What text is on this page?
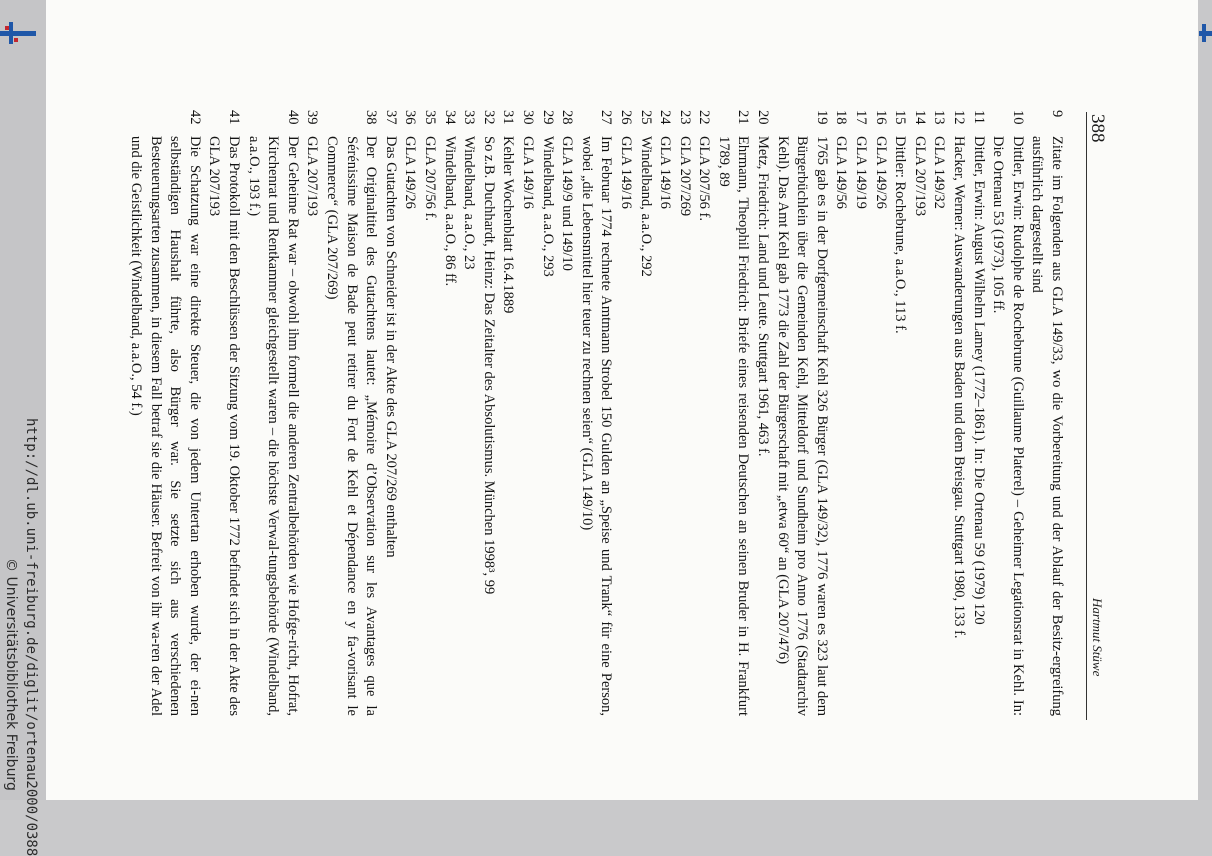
388
Hartmut Stüwe
9
Zitate im Folgenden aus GLA 149/33, wo die Vorbereitung und der Ablauf der Besitz-ergreifung ausführlich dargestellt sind
10
Dittler, Erwin: Rudolphe de Rochebrune (Guillaume Platerel) – Geheimer Legationsrat in Kehl. In: Die Ortenau 53 (1973), 105 ff.
11
Dittler, Erwin: August Wilhelm Lamey (1772–1861). In: Die Ortenau 59 (1979) 120
12
Hacker, Werner: Auswanderungen aus Baden und dem Breisgau. Stuttgart 1980, 133 f.
13
GLA 149/32
14
GLA 207/193
15
Dittler: Rochebrune, a.a.O., 113 f.
16
GLA 149/26
17
GLA 149/19
18
GLA 149/56
19
1765 gab es in der Dorfgemeinschaft Kehl 326 Bürger (GLA 149/32), 1776 waren es 323 laut dem Bürgerbüchlein über die Gemeinden Kehl, Mitteldorf und Sundheim pro Anno 1776 (Stadtarchiv Kehl). Das Amt Kehl gab 1773 die Zahl der Bürgerschaft mit „etwa 60“ an (GLA 207/476)
20
Metz, Friedrich: Land und Leute. Stuttgart 1961, 463 f.
21
Ehrmann, Theophil Friedrich: Briefe eines reisenden Deutschen an seinen Bruder in H. Frankfurt 1789, 89
22
GLA 207/56 f.
23
GLA 207/269
24
GLA 149/16
25
Windelband, a.a.O., 292
26
GLA 149/16
27
Im Februar 1774 rechnete Amtmann Strobel 150 Gulden an „Speise und Trank“ für eine Person, wobei „die Lebensmittel hier teuer zu rechnen seien“ (GLA 149/10)
28
GLA 149/9 und 149/10
29
Windelband, a.a.O., 293
30
GLA 149/16
31
Kehler Wochenblatt 16.4.1889
32
So z.B. Duchhardt, Heinz: Das Zeitalter des Absolutismus. München 1998³, 99
33
Windelband, a.a.O., 23
34
Windelband, a.a.O., 86 ff.
35
GLA 207/56 f.
36
GLA 149/26
37
Das Gutachten von Schneider ist in der Akte des GLA 207/269 enthalten
38
Der Originaltitel des Gutachtens lautet: „Mémoire d’Observation sur les Avantages que la Sérénissime Maison de Bade peut retirer du Fort de Kehl et Dépendance en y fa-vorisant le Commerce“ (GLA 207/269)
39
GLA 207/193
40
Der Geheime Rat war – obwohl ihm formell die anderen Zentralbehörden wie Hofge-richt, Hofrat, Kirchenrat und Rentkammer gleichgestellt waren – die höchste Verwal-tungsbehörde (Windelband, a.a.O., 193 f.)
41
Das Protokoll mit den Beschlüssen der Sitzung vom 19. Oktober 1772 befindet sich in der Akte des GLA 207/193
42
Die Schatzung war eine direkte Steuer, die von jedem Untertan erhoben wurde, der ei-nen selbständigen Haushalt führte, also Bürger war. Sie setzte sich aus verschiedenen Besteuerungsarten zusammen, in diesem Fall betraf sie die Häuser. Befreit von ihr wa-ren der Adel und die Geistlichkeit (Windelband, a.a.O., 54 f.)
http://dl.ub.uni-freiburg.de/diglit/ortenau2000/0388
© Universitätsbibliothek Freiburg
